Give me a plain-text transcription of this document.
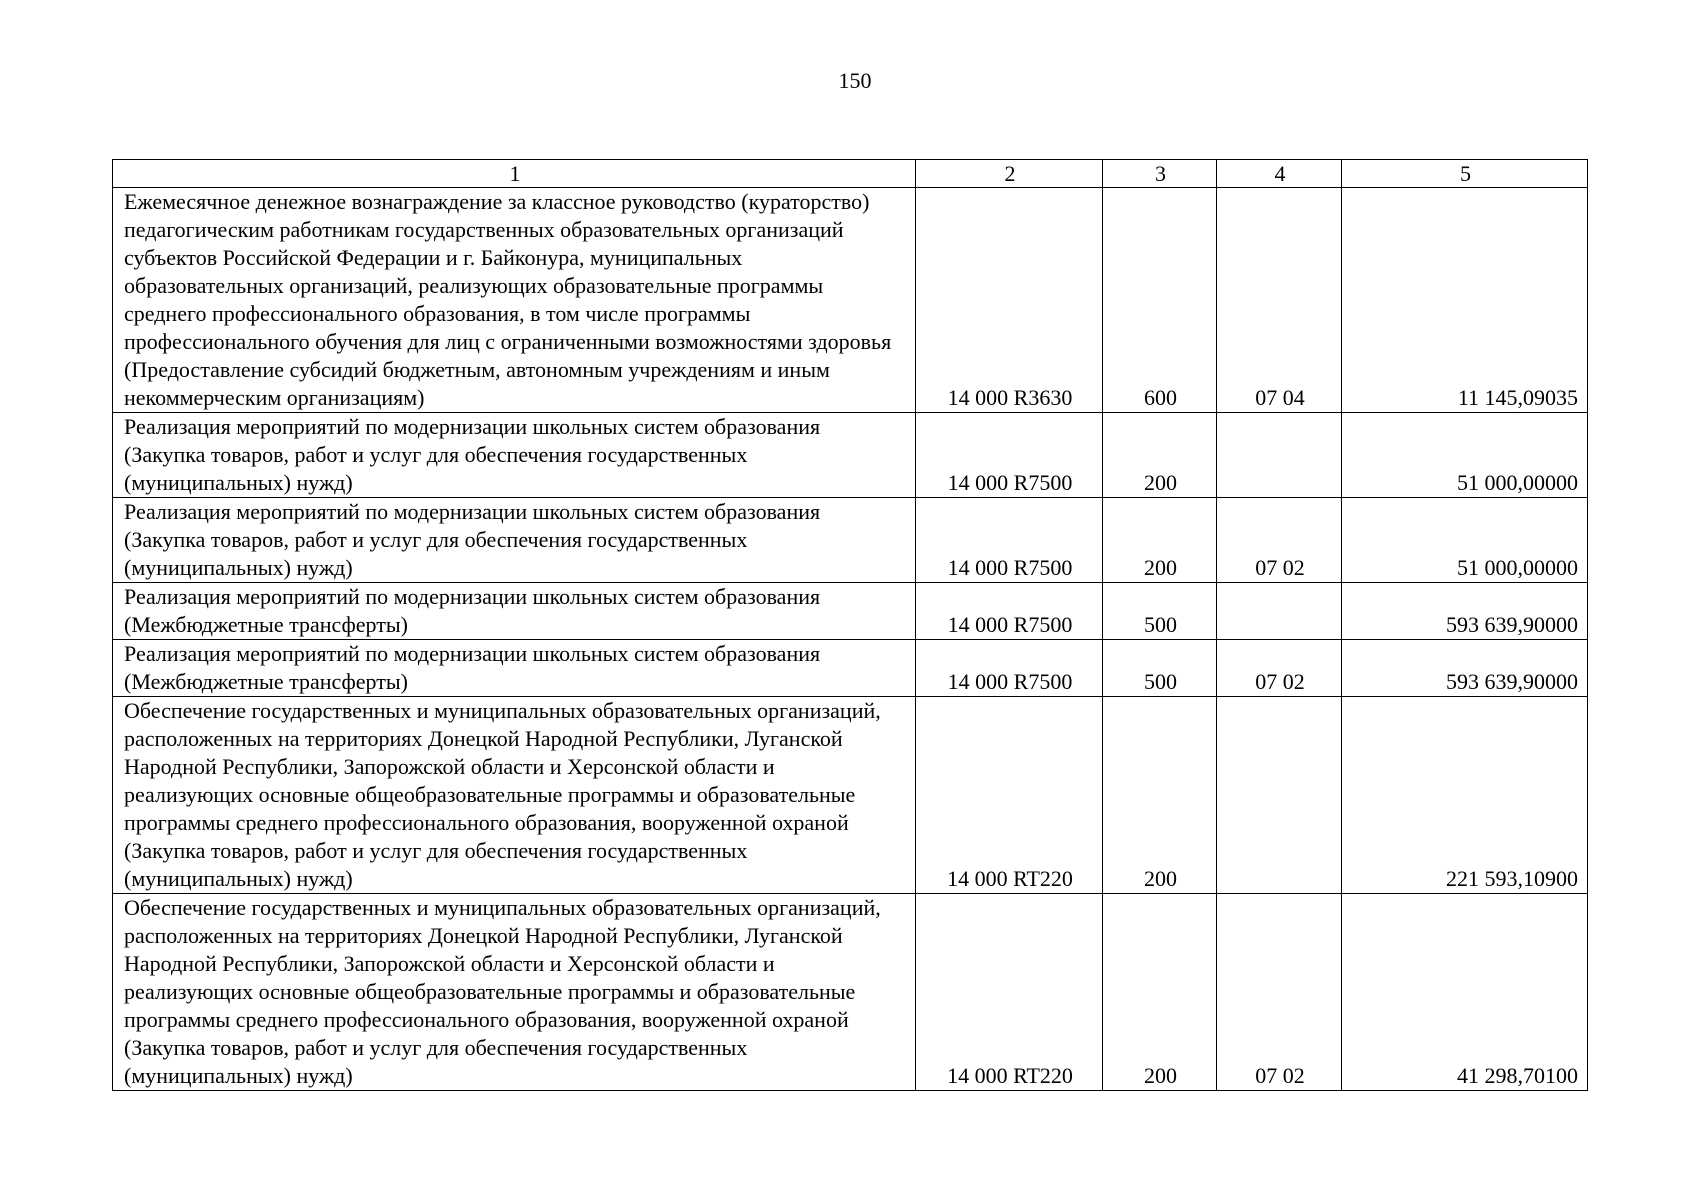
150
1	2	3	4	5
Ежемесячное денежное вознаграждение за классное руководство (кураторство) педагогическим работникам государственных образовательных организаций субъектов Российской Федерации и г. Байконура, муниципальных образовательных организаций, реализующих образовательные программы среднего профессионального образования, в том числе программы профессионального обучения для лиц с ограниченными возможностями здоровья (Предоставление субсидий бюджетным, автономным учреждениям и иным некоммерческим организациям)	14 000 R3630	600	07 04	11 145,09035
Реализация мероприятий по модернизации школьных систем образования (Закупка товаров, работ и услуг для обеспечения государственных (муниципальных) нужд)	14 000 R7500	200		51 000,00000
Реализация мероприятий по модернизации школьных систем образования (Закупка товаров, работ и услуг для обеспечения государственных (муниципальных) нужд)	14 000 R7500	200	07 02	51 000,00000
Реализация мероприятий по модернизации школьных систем образования (Межбюджетные трансферты)	14 000 R7500	500		593 639,90000
Реализация мероприятий по модернизации школьных систем образования (Межбюджетные трансферты)	14 000 R7500	500	07 02	593 639,90000
Обеспечение государственных и муниципальных образовательных организаций, расположенных на территориях Донецкой Народной Республики, Луганской Народной Республики, Запорожской области и Херсонской области и реализующих основные общеобразовательные программы и образовательные программы среднего профессионального образования, вооруженной охраной (Закупка товаров, работ и услуг для обеспечения государственных (муниципальных) нужд)	14 000 RT220	200		221 593,10900
Обеспечение государственных и муниципальных образовательных организаций, расположенных на территориях Донецкой Народной Республики, Луганской Народной Республики, Запорожской области и Херсонской области и реализующих основные общеобразовательные программы и образовательные программы среднего профессионального образования, вооруженной охраной (Закупка товаров, работ и услуг для обеспечения государственных (муниципальных) нужд)	14 000 RT220	200	07 02	41 298,70100
